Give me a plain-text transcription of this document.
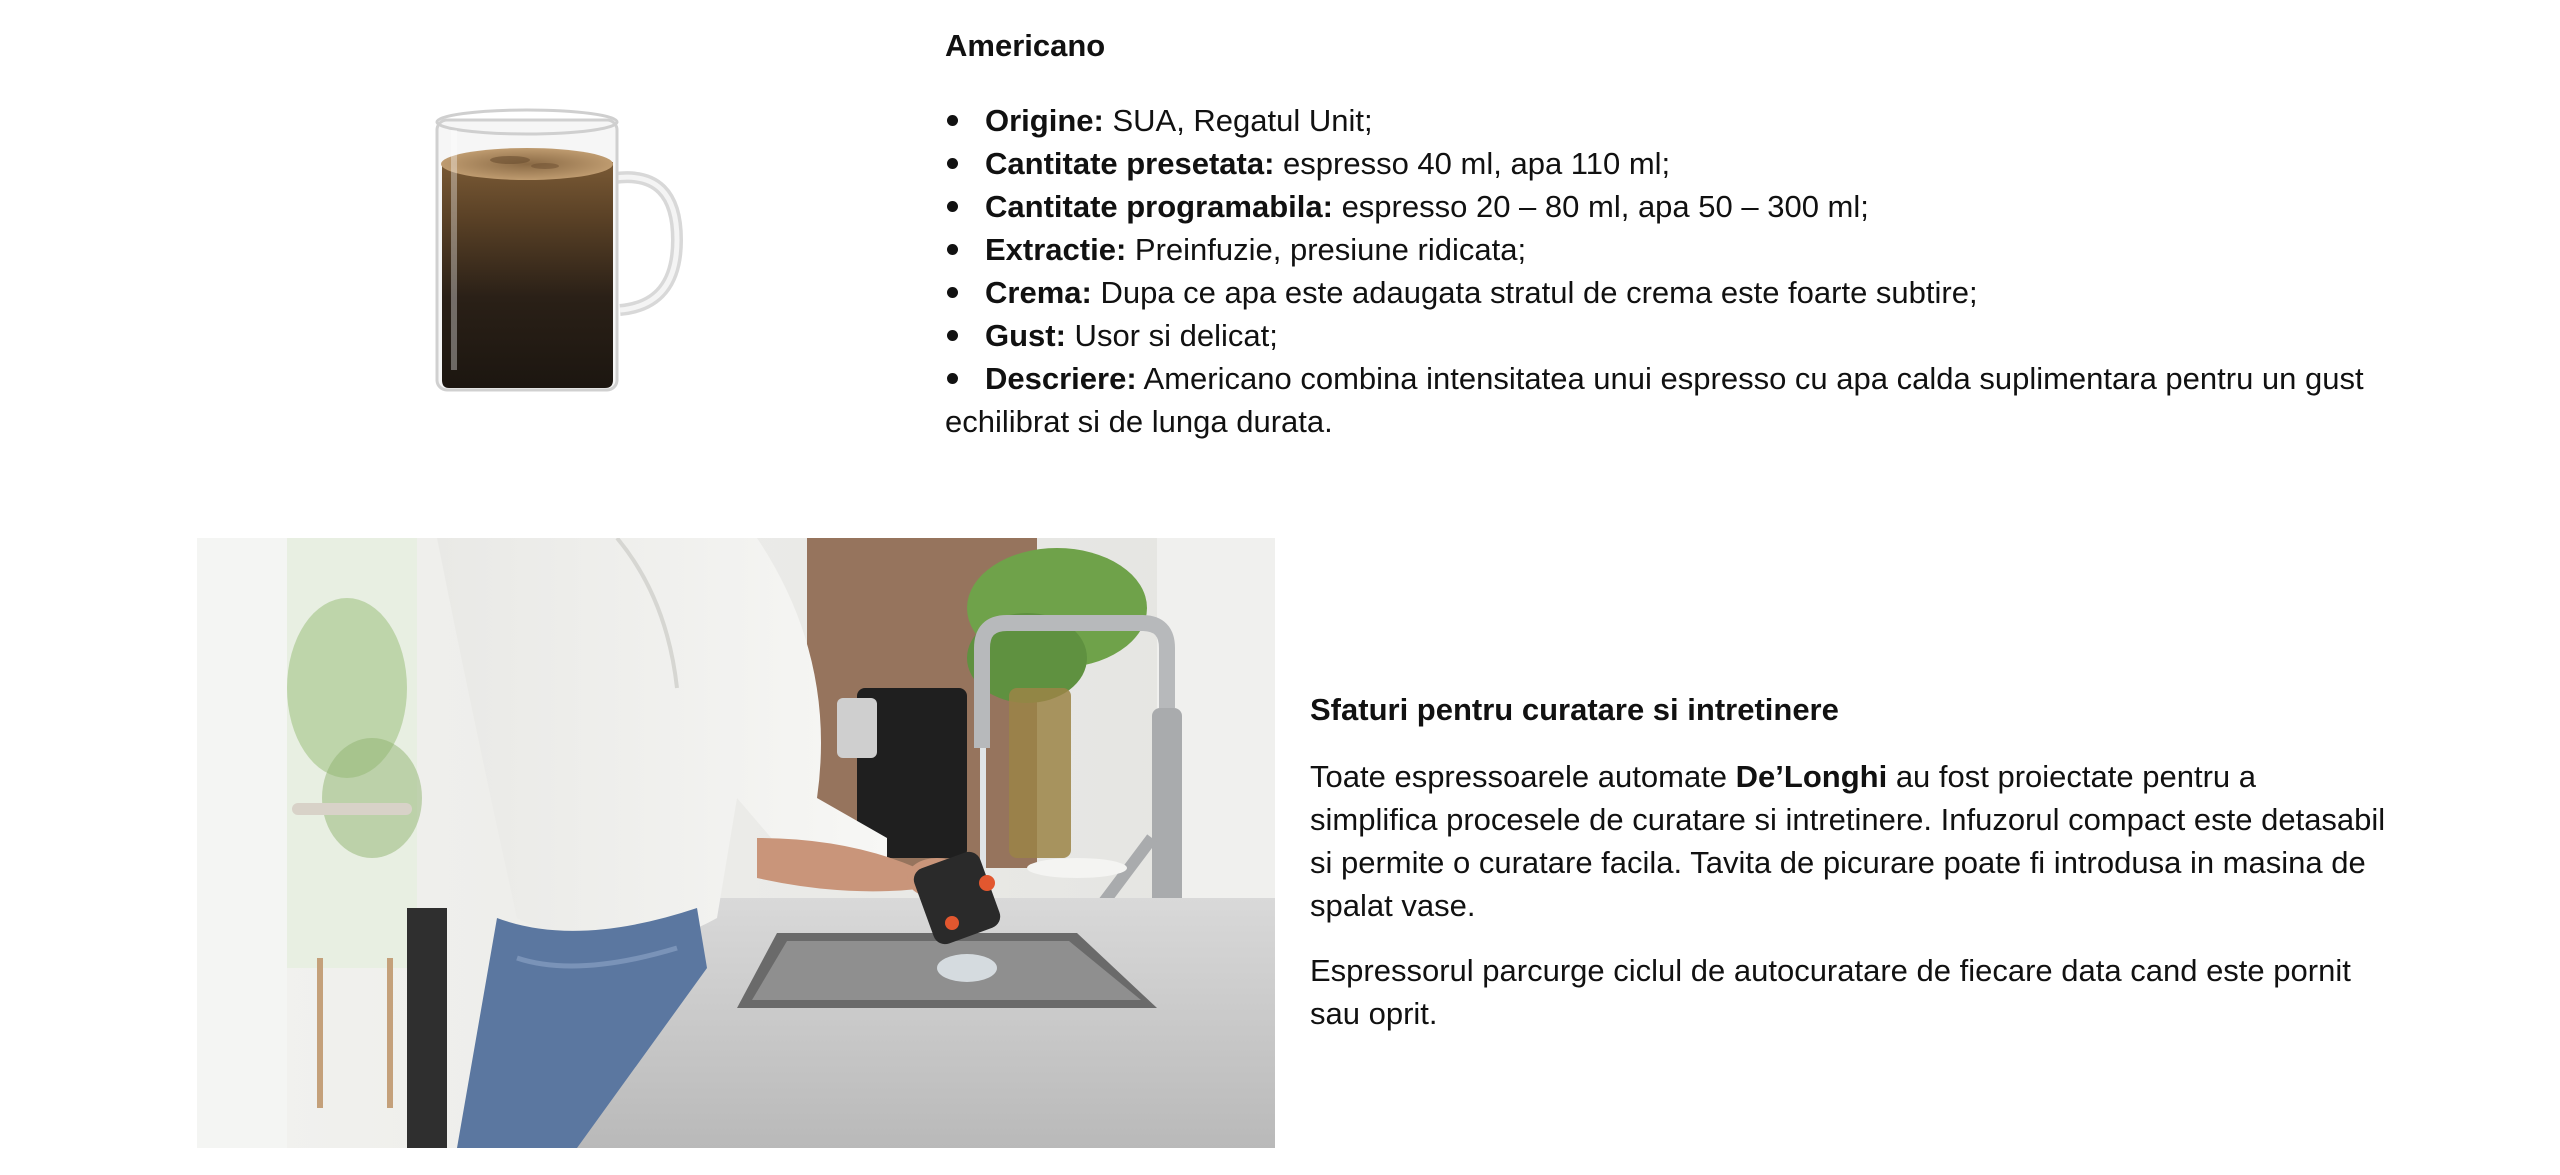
Americano
Origine: SUA, Regatul Unit;
Cantitate presetata: espresso 40 ml, apa 110 ml;
Cantitate programabila: espresso 20 – 80 ml, apa 50 – 300 ml;
Extractie: Preinfuzie, presiune ridicata;
Crema: Dupa ce apa este adaugata stratul de crema este foarte subtire;
Gust: Usor si delicat;
Descriere: Americano combina intensitatea unui espresso cu apa calda suplimentara pentru un gust echilibrat si de lunga durata.
Sfaturi pentru curatare si intretinere

Toate espressoarele automate De’Longhi au fost proiectate pentru a simplifica procesele de curatare si intretinere. Infuzorul compact este detasabil si permite o curatare facila. Tavita de picurare poate fi introdusa in masina de spalat vase.

Espressorul parcurge ciclul de autocuratare de fiecare data cand este pornit sau oprit.
